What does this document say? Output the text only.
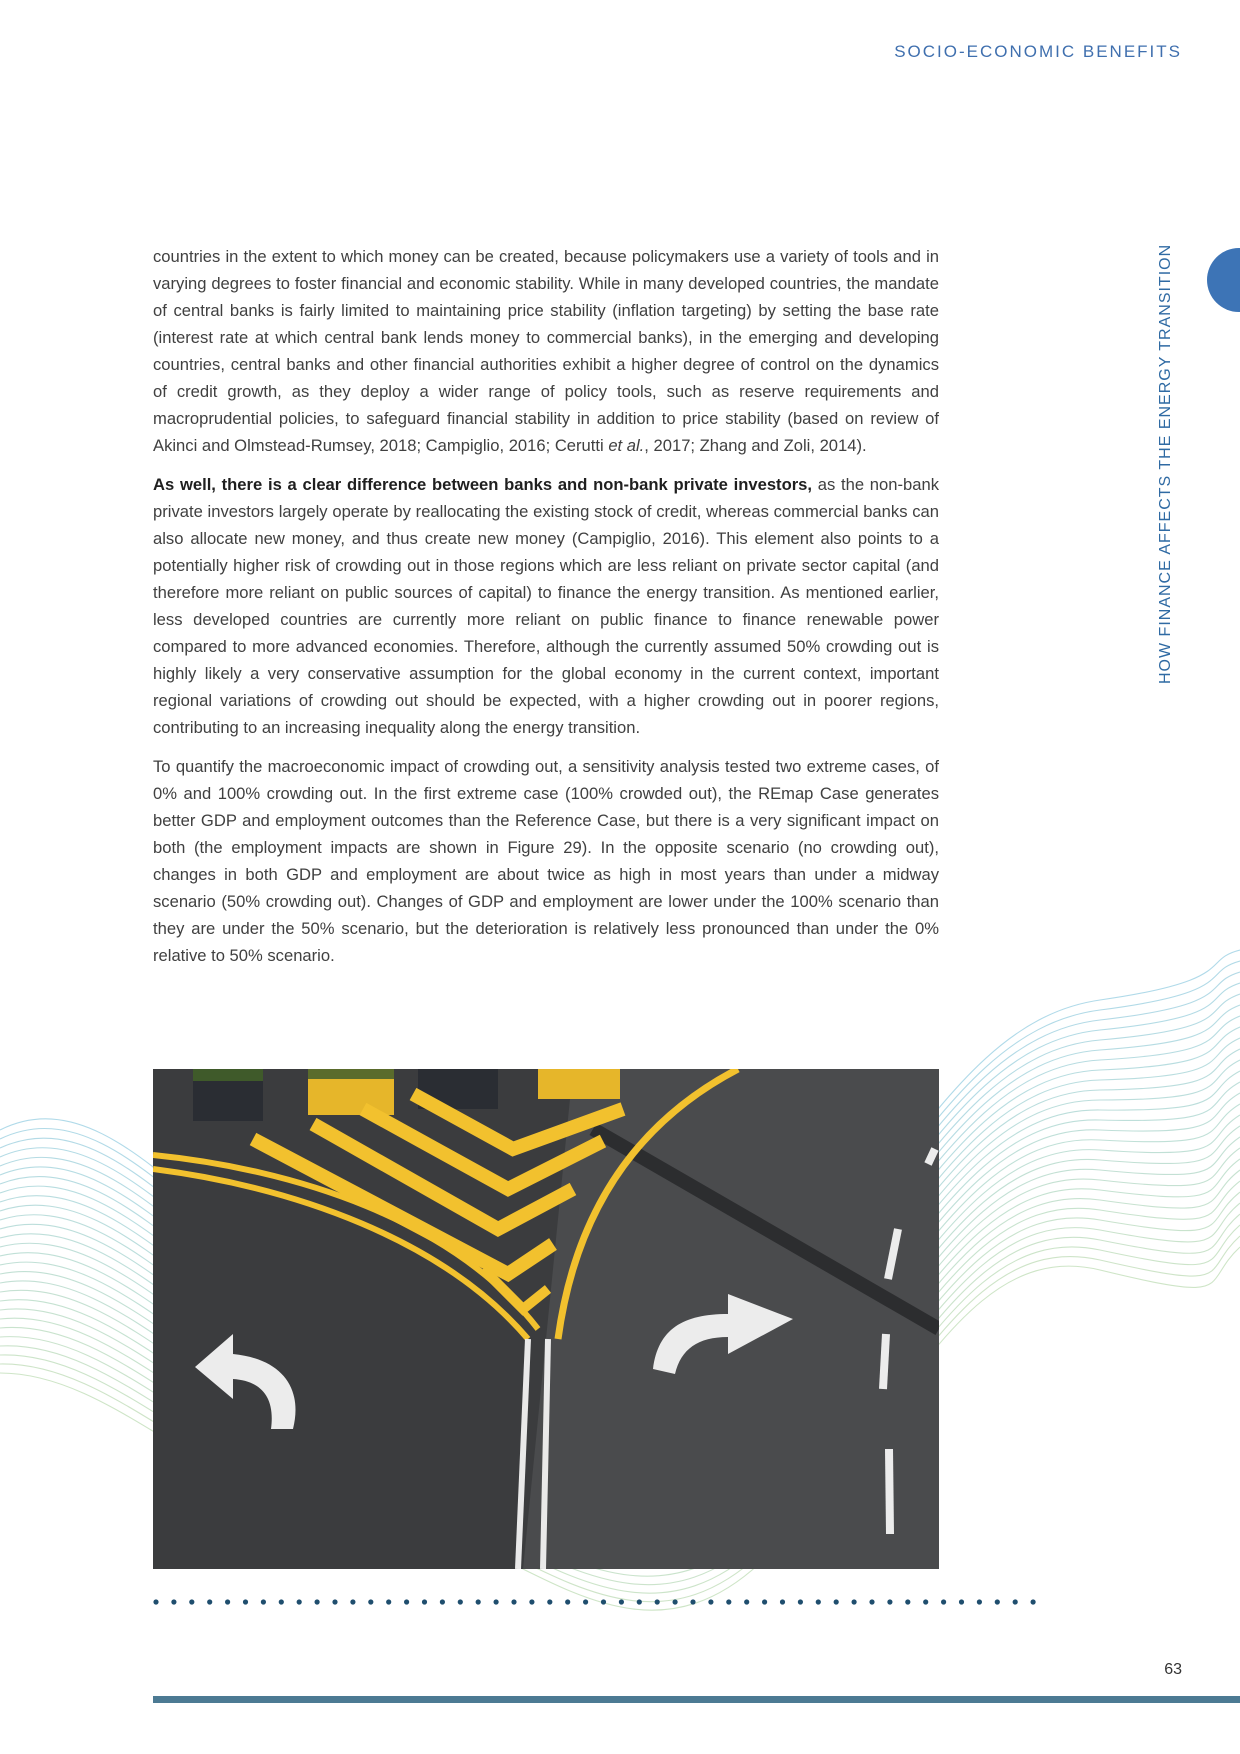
SOCIO-ECONOMIC BENEFITS
HOW FINANCE AFFECTS THE ENERGY TRANSITION

countries in the extent to which money can be created, because policymakers use a variety of tools and in varying degrees to foster financial and economic stability. While in many developed countries, the mandate of central banks is fairly limited to maintaining price stability (inflation targeting) by setting the base rate (interest rate at which central bank lends money to commercial banks), in the emerging and developing countries, central banks and other financial authorities exhibit a higher degree of control on the dynamics of credit growth, as they deploy a wider range of policy tools, such as reserve requirements and macroprudential policies, to safeguard financial stability in addition to price stability (based on review of Akinci and Olmstead-Rumsey, 2018; Campiglio, 2016; Cerutti et al., 2017; Zhang and Zoli, 2014).

As well, there is a clear difference between banks and non-bank private investors, as the non-bank private investors largely operate by reallocating the existing stock of credit, whereas commercial banks can also allocate new money, and thus create new money (Campiglio, 2016). This element also points to a potentially higher risk of crowding out in those regions which are less reliant on private sector capital (and therefore more reliant on public sources of capital) to finance the energy transition. As mentioned earlier, less developed countries are currently more reliant on public finance to finance renewable power compared to more advanced economies. Therefore, although the currently assumed 50% crowding out is highly likely a very conservative assumption for the global economy in the current context, important regional variations of crowding out should be expected, with a higher crowding out in poorer regions, contributing to an increasing inequality along the energy transition.

To quantify the macroeconomic impact of crowding out, a sensitivity analysis tested two extreme cases, of 0% and 100% crowding out. In the first extreme case (100% crowded out), the REmap Case generates better GDP and employment outcomes than the Reference Case, but there is a very significant impact on both (the employment impacts are shown in Figure 29). In the opposite scenario (no crowding out), changes in both GDP and employment are about twice as high in most years than under a midway scenario (50% crowding out). Changes of GDP and employment are lower under the 100% scenario than they are under the 50% scenario, but the deterioration is relatively less pronounced than under the 0% relative to 50% scenario.

63
